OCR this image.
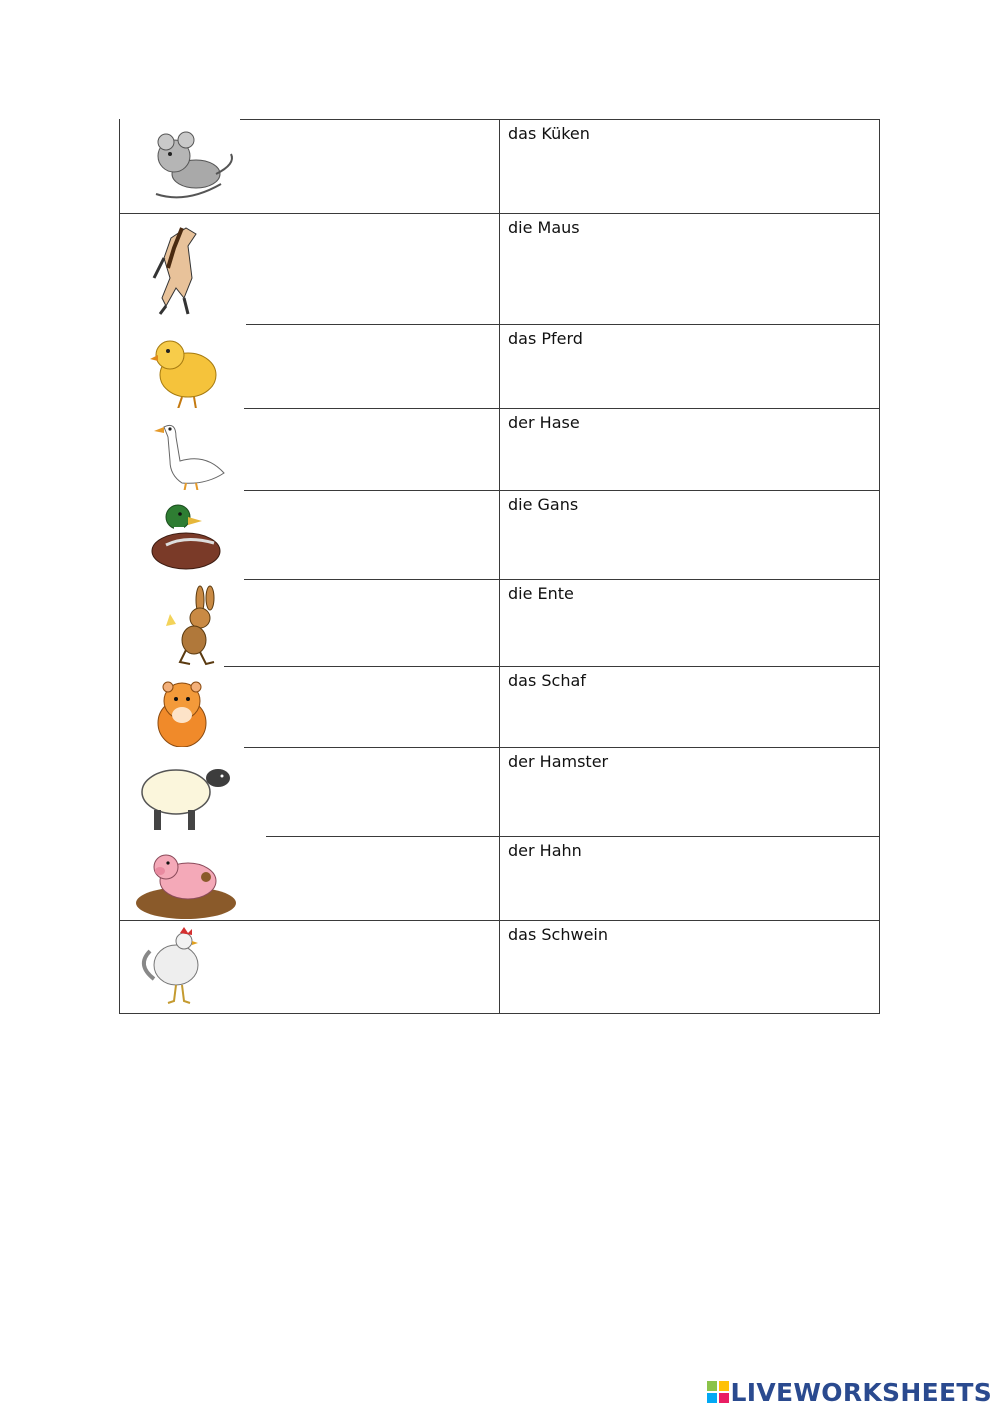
	das Küken

	die Maus

	das Pferd

	der Hase

	die Gans

	die Ente

	das Schaf

	der Hamster

	der Hahn

	das Schwein
LIVEWORKSHEETS
